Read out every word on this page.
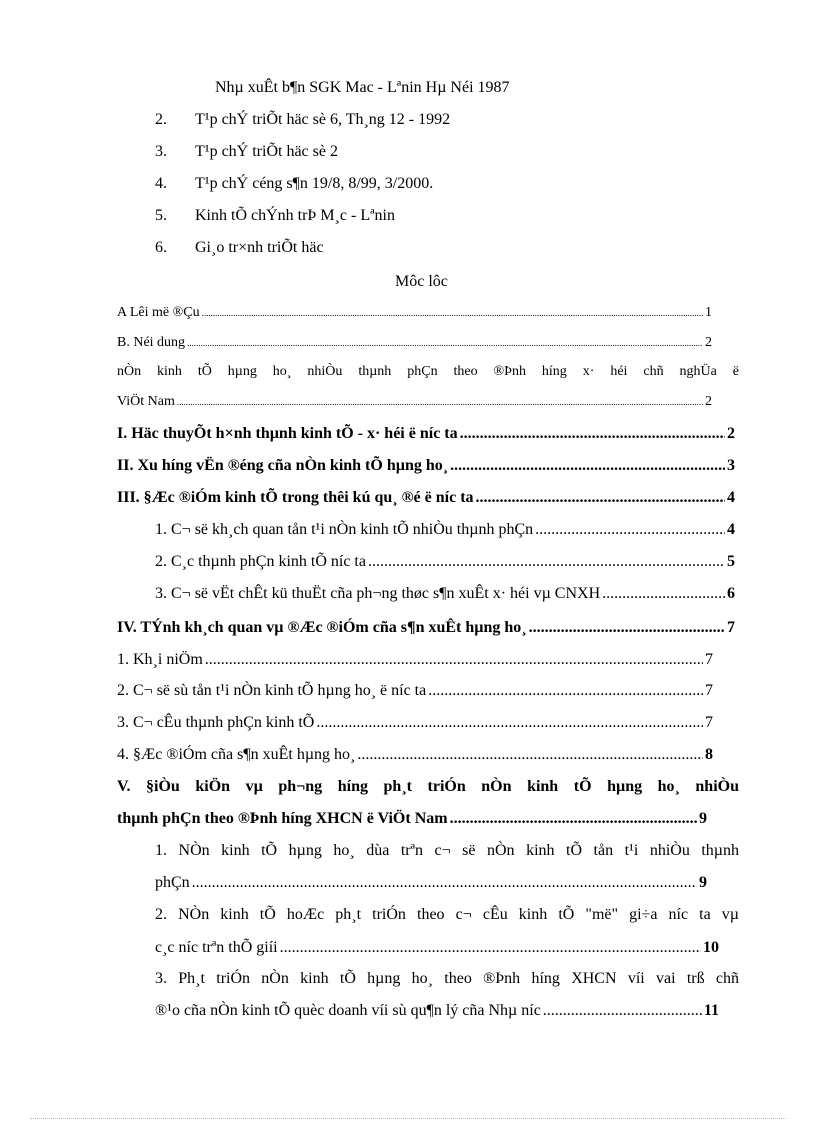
Nhµ xuÊt b¶n SGK Mac - Lªnin Hµ Néi 1987
2. T¹p chÝ triÕt häc sè 6, Th¸ng 12 - 1992
3. T¹p chÝ triÕt häc sè 2
4. T¹p chÝ céng s¶n 19/8, 8/99, 3/2000.
5. Kinh tÕ chÝnh trÞ M¸c - Lªnin
6. Gi¸o tr×nh triÕt häc
Môc lôc
A Lêi më ®Çu .....	1
B. Néi dung .....	2
nÒn kinh tÕ hµng ho¸ nhiÒu thµnh phÇn theo ®Þnh híng x· héi chñ nghÜa ë
ViÖt Nam .....	2
I. Häc thuyÕt h×nh thµnh kinh tÕ - x· héi ë níc ta .....	2
II. Xu híng vËn ®éng cña nÒn kinh tÕ hµng ho¸ .....	3
III. §Æc ®iÓm kinh tÕ trong thêi kú qu¸ ®é ë níc ta .....	4
1. C¬ së kh¸ch quan tån t¹i nÒn kinh tÕ nhiÒu thµnh phÇn .....	4
2. C¸c thµnh phÇn kinh tÕ níc ta .....	5
3. C¬ së vËt chÊt kü thuËt cña ph¬ng thøc s¶n xuÊt x· héi vµ CNXH .....	6
IV. TÝnh kh¸ch quan vµ ®Æc ®iÓm cña s¶n xuÊt hµng ho¸ .....	7
1. Kh¸i niÖm .....	7
2. C¬ së sù tån t¹i nÒn kinh tÕ hµng ho¸ ë níc ta .....	7
3. C¬ cÊu thµnh phÇn kinh tÕ .....	7
4. §Æc ®iÓm cña s¶n xuÊt hµng ho¸ .....	8
V. §iÒu kiÖn vµ ph¬ng híng ph¸t triÓn nÒn kinh tÕ hµng ho¸ nhiÒu
thµnh phÇn theo ®Þnh híng XHCN ë ViÖt Nam .....	9
1. NÒn kinh tÕ hµng ho¸ dùa trªn c¬ së nÒn kinh tÕ tån t¹i nhiÒu thµnh
phÇn .....	9
2. NÒn kinh tÕ hoÆc ph¸t triÓn theo c¬ cÊu kinh tÕ "më" gi÷a níc ta vµ
c¸c níc trªn thÕ giíi .....	10
3. Ph¸t triÓn nÒn kinh tÕ hµng ho¸ theo ®Þnh híng XHCN víi vai trß chñ
®¹o cña nÒn kinh tÕ quèc doanh víi sù qu¶n lý cña Nhµ níc .....	11
